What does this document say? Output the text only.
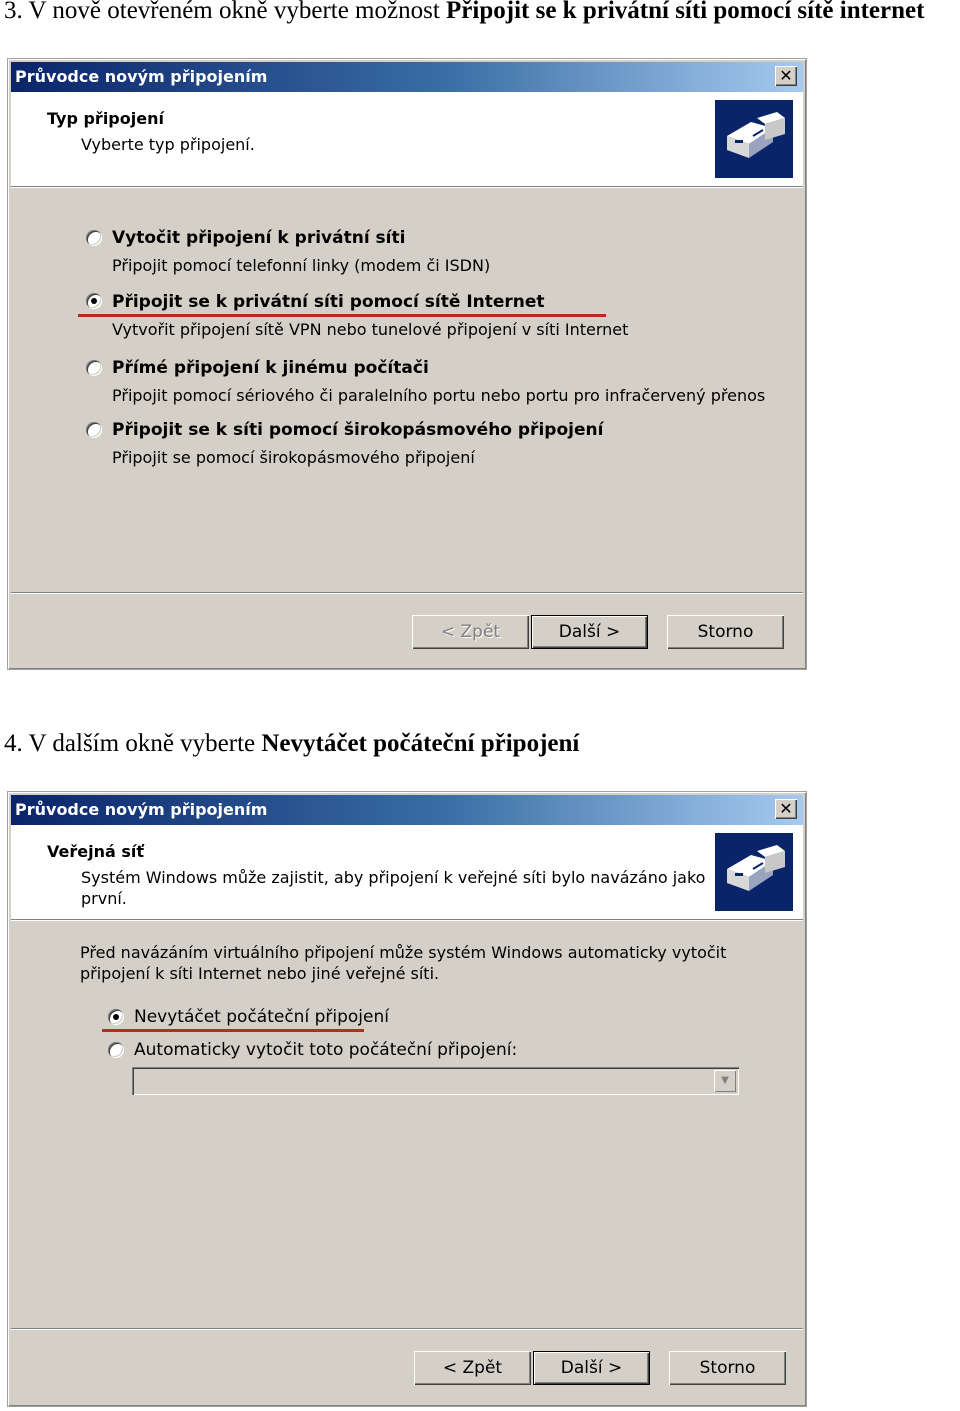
3. V nově otevřeném okně vyberte možnost Připojit se k privátní síti pomocí sítě internet
Průvodce novým připojením	✕
Typ připojení
Vyberte typ připojení.
Vytočit připojení k privátní síti
Připojit pomocí telefonní linky (modem či ISDN)
Připojit se k privátní síti pomocí sítě Internet
Vytvořit připojení sítě VPN nebo tunelové připojení v síti Internet
Přímé připojení k jinému počítači
Připojit pomocí sériového či paralelního portu nebo portu pro infračervený přenos
Připojit se k síti pomocí širokopásmového připojení
Připojit se pomocí širokopásmového připojení
< Zpět	Další >	Storno
4. V dalším okně vyberte Nevytáčet počáteční připojení
Průvodce novým připojením	✕
Veřejná síť
Systém Windows může zajistit, aby připojení k veřejné síti bylo navázáno jako
první.
Před navázáním virtuálního připojení může systém Windows automaticky vytočit
připojení k síti Internet nebo jiné veřejné síti.
Nevytáčet počáteční připojení
Automaticky vytočit toto počáteční připojení:
▼
< Zpět	Další >	Storno
